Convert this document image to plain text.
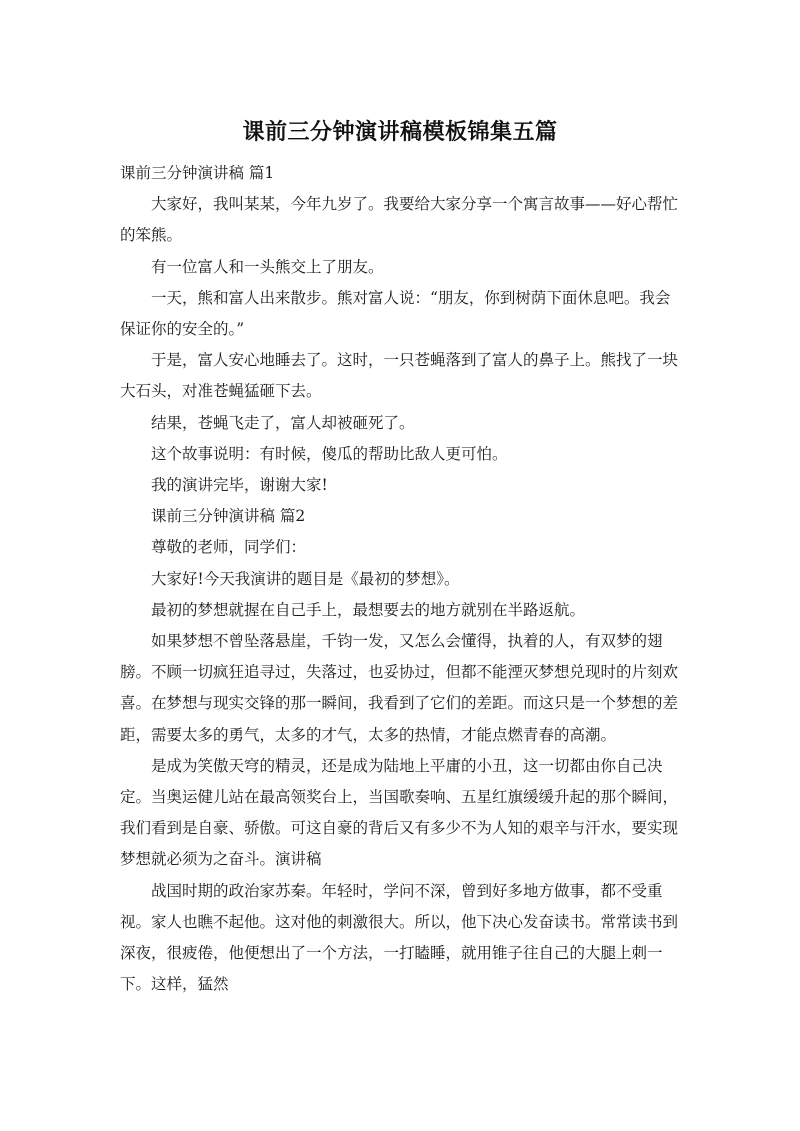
课前三分钟演讲稿模板锦集五篇

课前三分钟演讲稿 篇1

大家好，我叫某某，今年九岁了。我要给大家分享一个寓言故事——好心帮忙的笨熊。

有一位富人和一头熊交上了朋友。

一天，熊和富人出来散步。熊对富人说：“朋友，你到树荫下面休息吧。我会保证你的安全的。”

于是，富人安心地睡去了。这时，一只苍蝇落到了富人的鼻子上。熊找了一块大石头，对准苍蝇猛砸下去。

结果，苍蝇飞走了，富人却被砸死了。

这个故事说明：有时候，傻瓜的帮助比敌人更可怕。

我的演讲完毕，谢谢大家!

课前三分钟演讲稿 篇2

尊敬的老师，同学们：

大家好!今天我演讲的题目是《最初的梦想》。

最初的梦想就握在自己手上，最想要去的地方就别在半路返航。

如果梦想不曾坠落悬崖，千钧一发，又怎么会懂得，执着的人，有双梦的翅膀。不顾一切疯狂追寻过，失落过，也妥协过，但都不能湮灭梦想兑现时的片刻欢喜。在梦想与现实交锋的那一瞬间，我看到了它们的差距。而这只是一个梦想的差距，需要太多的勇气，太多的才气，太多的热情，才能点燃青春的高潮。

是成为笑傲天穹的精灵，还是成为陆地上平庸的小丑，这一切都由你自己决定。当奥运健儿站在最高领奖台上，当国歌奏响、五星红旗缓缓升起的那个瞬间，我们看到是自豪、骄傲。可这自豪的背后又有多少不为人知的艰辛与汗水，要实现梦想就必须为之奋斗。演讲稿

战国时期的政治家苏秦。年轻时，学问不深，曾到好多地方做事，都不受重视。家人也瞧不起他。这对他的刺激很大。所以，他下决心发奋读书。常常读书到深夜，很疲倦，他便想出了一个方法，一打瞌睡，就用锥子往自己的大腿上刺一下。这样，猛然
